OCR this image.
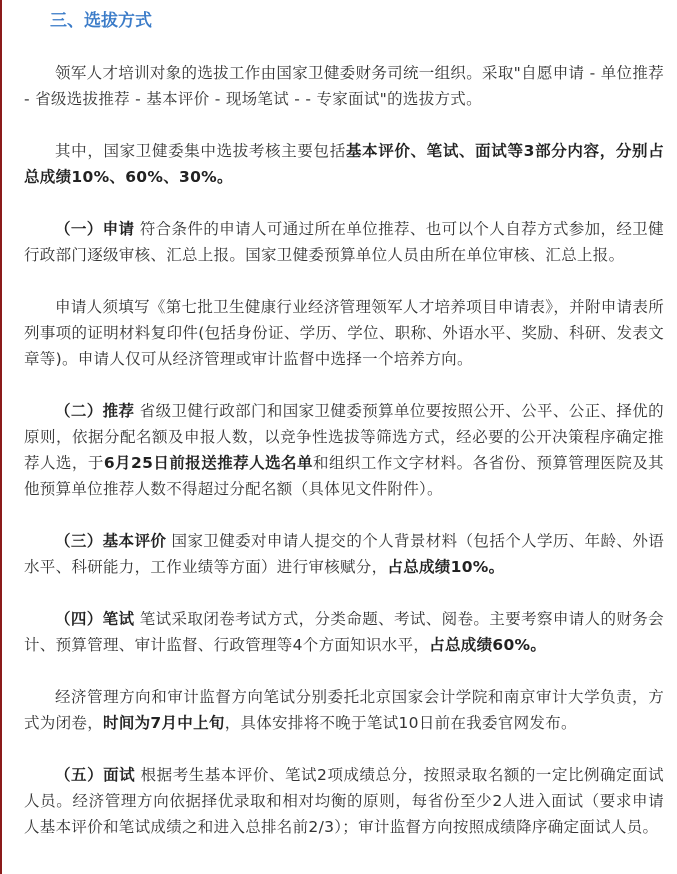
三、选拔方式

领军人才培训对象的选拔工作由国家卫健委财务司统一组织。采取"自愿申请 - 单位推荐 - 省级选拔推荐 - 基本评价 - 现场笔试 - - 专家面试"的选拔方式。

其中，国家卫健委集中选拔考核主要包括基本评价、笔试、面试等3部分内容，分别占总成绩10%、60%、30%。

（一）申请 符合条件的申请人可通过所在单位推荐、也可以个人自荐方式参加，经卫健行政部门逐级审核、汇总上报。国家卫健委预算单位人员由所在单位审核、汇总上报。

申请人须填写《第七批卫生健康行业经济管理领军人才培养项目申请表》，并附申请表所列事项的证明材料复印件(包括身份证、学历、学位、职称、外语水平、奖励、科研、发表文章等)。申请人仅可从经济管理或审计监督中选择一个培养方向。

（二）推荐 省级卫健行政部门和国家卫健委预算单位要按照公开、公平、公正、择优的原则，依据分配名额及申报人数，以竞争性选拔等筛选方式，经必要的公开决策程序确定推荐人选，于6月25日前报送推荐人选名单和组织工作文字材料。各省份、预算管理医院及其他预算单位推荐人数不得超过分配名额（具体见文件附件）。

（三）基本评价 国家卫健委对申请人提交的个人背景材料（包括个人学历、年龄、外语水平、科研能力，工作业绩等方面）进行审核赋分，占总成绩10%。

（四）笔试 笔试采取闭卷考试方式，分类命题、考试、阅卷。主要考察申请人的财务会计、预算管理、审计监督、行政管理等4个方面知识水平，占总成绩60%。

经济管理方向和审计监督方向笔试分别委托北京国家会计学院和南京审计大学负责，方式为闭卷，时间为7月中上旬，具体安排将不晚于笔试10日前在我委官网发布。

（五）面试 根据考生基本评价、笔试2项成绩总分，按照录取名额的一定比例确定面试人员。经济管理方向依据择优录取和相对均衡的原则，每省份至少2人进入面试（要求申请人基本评价和笔试成绩之和进入总排名前2/3）；审计监督方向按照成绩降序确定面试人员。
